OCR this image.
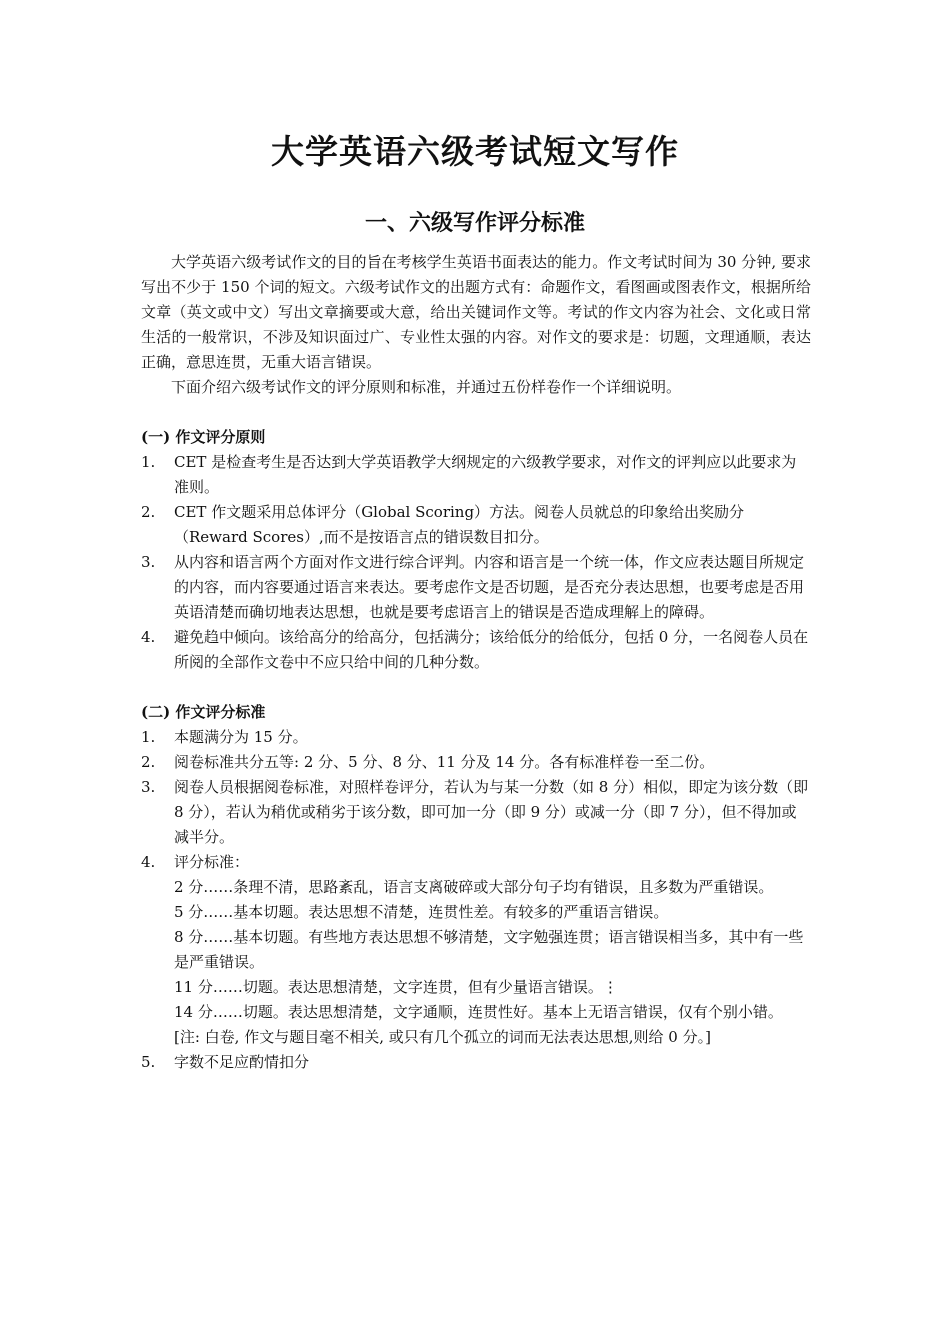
大学英语六级考试短文写作
一、六级写作评分标准

大学英语六级考试作文的目的旨在考核学生英语书面表达的能力。作文考试时间为 30 分钟, 要求写出不少于 150 个词的短文。六级考试作文的出题方式有：命题作文，看图画或图表作文，根据所给文章（英文或中文）写出文章摘要或大意，给出关键词作文等。考试的作文内容为社会、文化或日常生活的一般常识，不涉及知识面过广、专业性太强的内容。对作文的要求是：切题，文理通顺，表达正确，意思连贯，无重大语言错误。

下面介绍六级考试作文的评分原则和标准，并通过五份样卷作一个详细说明。

(一) 作文评分原则

1.	CET 是检查考生是否达到大学英语教学大纲规定的六级教学要求，对作文的评判应以此要求为准则。
2.	CET 作文题采用总体评分（Global Scoring）方法。阅卷人员就总的印象给出奖励分（Reward Scores）,而不是按语言点的错误数目扣分。
3.	从内容和语言两个方面对作文进行综合评判。内容和语言是一个统一体，作文应表达题目所规定的内容，而内容要通过语言来表达。要考虑作文是否切题，是否充分表达思想，也要考虑是否用英语清楚而确切地表达思想，也就是要考虑语言上的错误是否造成理解上的障碍。
4.	避免趋中倾向。该给高分的给高分，包括满分；该给低分的给低分，包括 0 分，一名阅卷人员在所阅的全部作文卷中不应只给中间的几种分数。

(二) 作文评分标准

1.	本题满分为 15 分。
2.	阅卷标准共分五等: 2 分、5 分、8 分、11 分及 14 分。各有标准样卷一至二份。
3.	阅卷人员根据阅卷标准，对照样卷评分，若认为与某一分数（如 8 分）相似，即定为该分数（即 8 分），若认为稍优或稍劣于该分数，即可加一分（即 9 分）或减一分（即 7 分），但不得加或减半分。
4.	评分标准：

2 分……条理不清，思路紊乱，语言支离破碎或大部分句子均有错误，且多数为严重错误。

5 分……基本切题。表达思想不清楚，连贯性差。有较多的严重语言错误。

8 分……基本切题。有些地方表达思想不够清楚，文字勉强连贯；语言错误相当多，其中有一些是严重错误。

11 分……切题。表达思想清楚，文字连贯，但有少量语言错误。⋮

14 分……切题。表达思想清楚，文字通顺，连贯性好。基本上无语言错误，仅有个别小错。

[注: 白卷, 作文与题目毫不相关, 或只有几个孤立的词而无法表达思想,则给 0 分。]

5.	字数不足应酌情扣分
